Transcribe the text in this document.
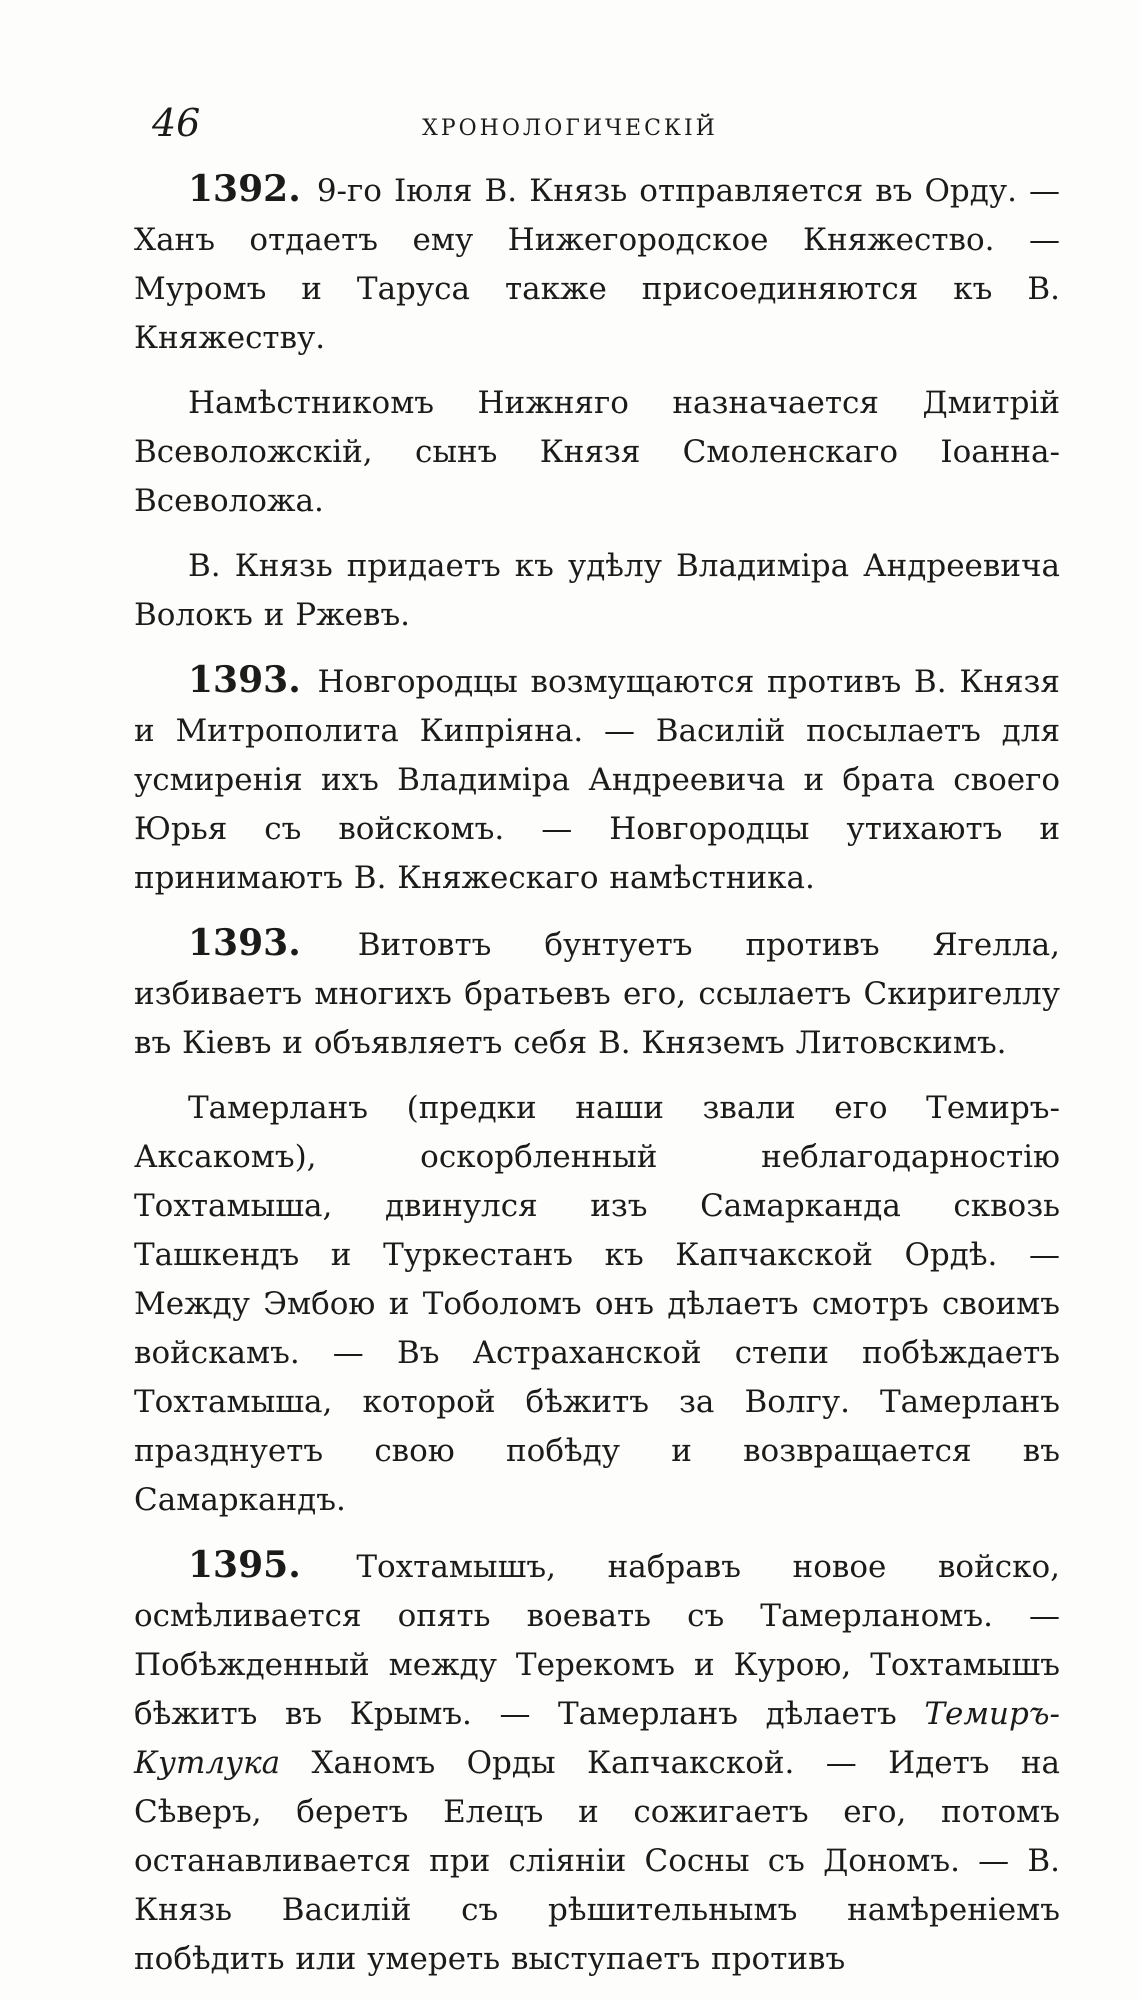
46	ХРОНОЛОГИЧЕСКІЙ

1392. 9-го Іюля В. Князь отправляется въ Орду. — Ханъ отдаетъ ему Нижегородское Княжество. — Муромъ и Таруса также присоединяются къ В. Княжеству.

Намѣстникомъ Нижняго назначается Дмитрій Всеволожскій, сынъ Князя Смоленскаго Іоанна-Всеволожа.

В. Князь придаетъ къ удѣлу Владиміра Андреевича Волокъ и Ржевъ.

1393. Новгородцы возмущаются противъ В. Князя и Митрополита Кипріяна. — Василій посылаетъ для усмиренія ихъ Владиміра Андреевича и брата своего Юрья съ войскомъ. — Новгородцы утихаютъ и принимаютъ В. Княжескаго намѣстника.

1393. Витовтъ бунтуетъ противъ Ягелла, избиваетъ многихъ братьевъ его, ссылаетъ Скиригеллу въ Кіевъ и объявляетъ себя В. Княземъ Литовскимъ.

Тамерланъ (предки наши звали его Темиръ-Аксакомъ), оскорбленный неблагодарностію Тохтамыша, двинулся изъ Самарканда сквозь Ташкендъ и Туркестанъ къ Капчакской Ордѣ. — Между Эмбою и Тоболомъ онъ дѣлаетъ смотръ своимъ войскамъ. — Въ Астраханской степи побѣждаетъ Тохтамыша, которой бѣжитъ за Волгу. Тамерланъ празднуетъ свою побѣду и возвращается въ Самаркандъ.

1395. Тохтамышъ, набравъ новое войско, осмѣливается опять воевать съ Тамерланомъ. — Побѣжденный между Терекомъ и Курою, Тохтамышъ бѣжитъ въ Крымъ. — Тамерланъ дѣлаетъ Темиръ-Кутлука Ханомъ Орды Капчакской. — Идетъ на Сѣверъ, беретъ Елецъ и сожигаетъ его, потомъ останавливается при сліяніи Сосны съ Дономъ. — В. Князь Василій съ рѣшительнымъ намѣреніемъ побѣдить или умереть выступаетъ противъ
